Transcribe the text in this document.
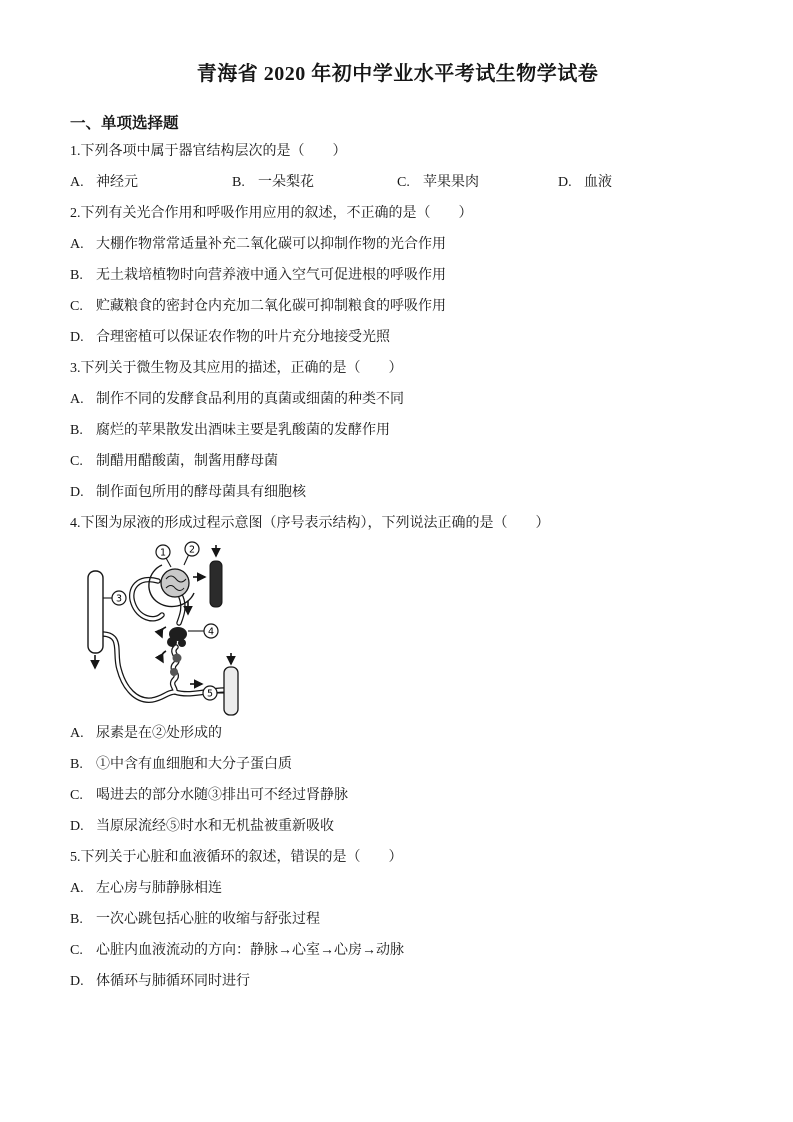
青海省 2020 年初中学业水平考试生物学试卷
一、单项选择题
1.下列各项中属于器官结构层次的是（　　）
A. 神经元	B. 一朵梨花	C. 苹果果肉	D. 血液
2.下列有关光合作用和呼吸作用应用的叙述，不正确的是（　　）
A. 大棚作物常常适量补充二氧化碳可以抑制作物的光合作用
B. 无土栽培植物时向营养液中通入空气可促进根的呼吸作用
C. 贮藏粮食的密封仓内充加二氧化碳可抑制粮食的呼吸作用
D. 合理密植可以保证农作物的叶片充分地接受光照
3.下列关于微生物及其应用的描述，正确的是（　　）
A. 制作不同的发酵食品利用的真菌或细菌的种类不同
B. 腐烂的苹果散发出酒味主要是乳酸菌的发酵作用
C. 制醋用醋酸菌，制酱用酵母菌
D. 制作面包所用的酵母菌具有细胞核
4.下图为尿液的形成过程示意图（序号表示结构），下列说法正确的是（　　）
1 2
3
4
5
A. 尿素是在②处形成的
B. ①中含有血细胞和大分子蛋白质
C. 喝进去的部分水随③排出可不经过肾静脉
D. 当原尿流经⑤时水和无机盐被重新吸收
5.下列关于心脏和血液循环的叙述，错误的是（　　）
A. 左心房与肺静脉相连
B. 一次心跳包括心脏的收缩与舒张过程
C. 心脏内血液流动的方向：静脉→心室→心房→动脉
D. 体循环与肺循环同时进行
